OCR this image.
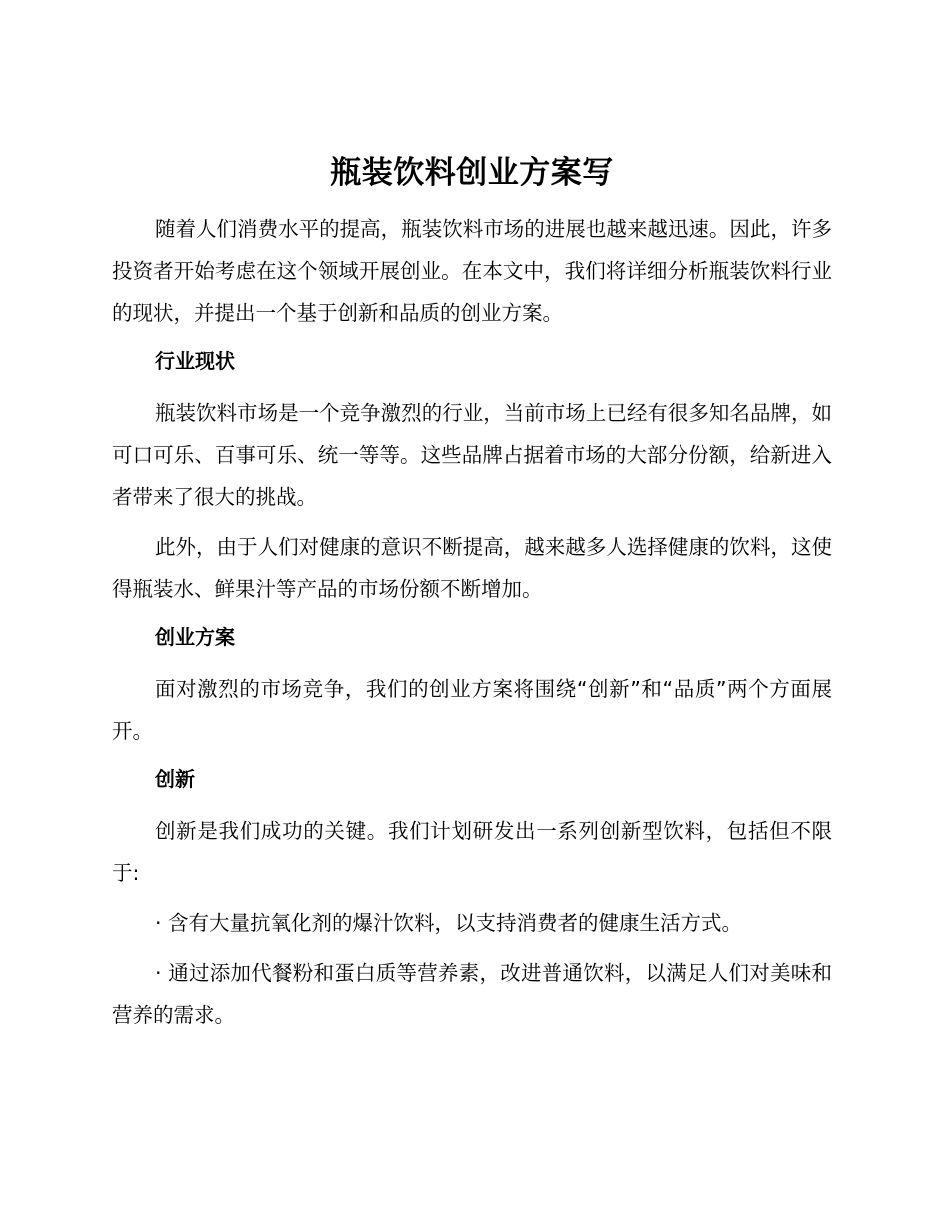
瓶装饮料创业方案写

随着人们消费水平的提高，瓶装饮料市场的进展也越来越迅速。因此，许多投资者开始考虑在这个领域开展创业。在本文中，我们将详细分析瓶装饮料行业的现状，并提出一个基于创新和品质的创业方案。

行业现状

瓶装饮料市场是一个竞争激烈的行业，当前市场上已经有很多知名品牌，如可口可乐、百事可乐、统一等等。这些品牌占据着市场的大部分份额，给新进入者带来了很大的挑战。

此外，由于人们对健康的意识不断提高，越来越多人选择健康的饮料，这使得瓶装水、鲜果汁等产品的市场份额不断增加。

创业方案

面对激烈的市场竞争，我们的创业方案将围绕“创新”和“品质”两个方面展开。

创新

创新是我们成功的关键。我们计划研发出一系列创新型饮料，包括但不限于:

· 含有大量抗氧化剂的爆汁饮料，以支持消费者的健康生活方式。

· 通过添加代餐粉和蛋白质等营养素，改进普通饮料，以满足人们对美味和营养的需求。
